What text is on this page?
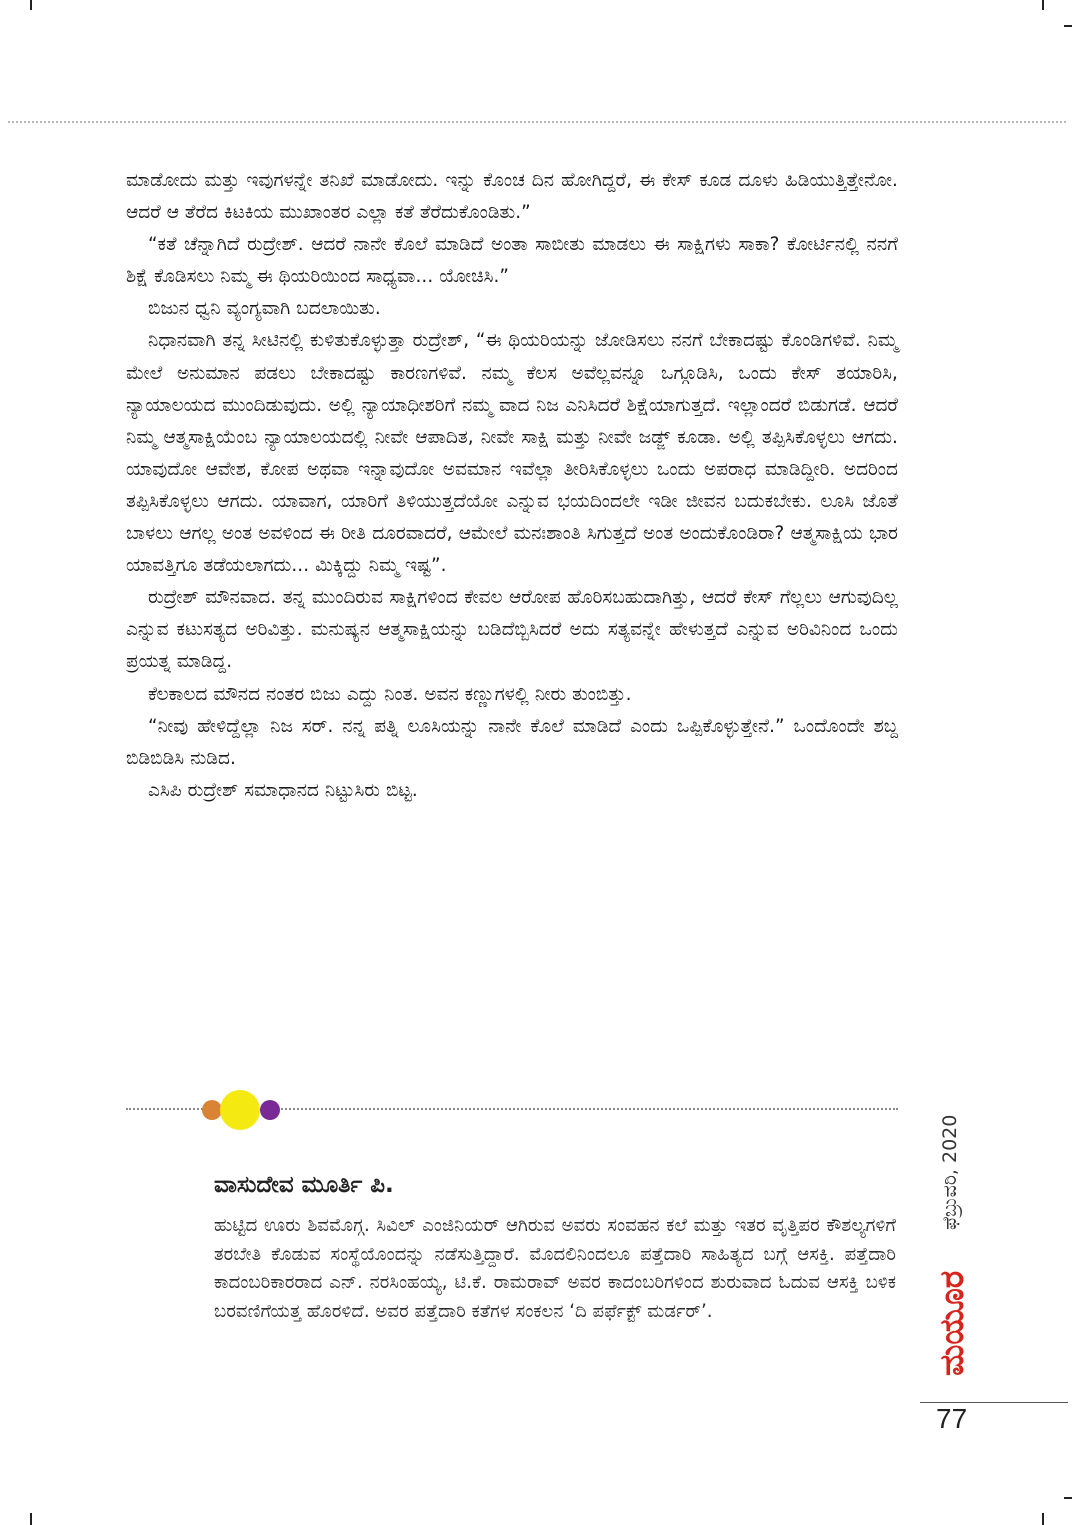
ಮಾಡೋದು ಮತ್ತು ಇವುಗಳನ್ನೇ ತನಿಖೆ ಮಾಡೋದು. ಇನ್ನು ಕೊಂಚ ದಿನ ಹೋಗಿದ್ದರೆ, ಈ ಕೇಸ್ ಕೂಡ ದೂಳು ಹಿಡಿಯುತ್ತಿತ್ತೇನೋ. ಆದರೆ ಆ ತೆರೆದ ಕಿಟಕಿಯ ಮುಖಾಂತರ ಎಲ್ಲಾ ಕತೆ ತೆರೆದುಕೊಂಡಿತು.”

“ಕತೆ ಚೆನ್ನಾಗಿದೆ ರುದ್ರೇಶ್. ಆದರೆ ನಾನೇ ಕೊಲೆ ಮಾಡಿದೆ ಅಂತಾ ಸಾಬೀತು ಮಾಡಲು ಈ ಸಾಕ್ಷಿಗಳು ಸಾಕಾ? ಕೋರ್ಟಿನಲ್ಲಿ ನನಗೆ ಶಿಕ್ಷೆ ಕೊಡಿಸಲು ನಿಮ್ಮ ಈ ಥಿಯರಿಯಿಂದ ಸಾಧ್ಯವಾ... ಯೋಚಿಸಿ.”

ಬಿಜುನ ಧ್ವನಿ ವ್ಯಂಗ್ಯವಾಗಿ ಬದಲಾಯಿತು.

ನಿಧಾನವಾಗಿ ತನ್ನ ಸೀಟಿನಲ್ಲಿ ಕುಳಿತುಕೊಳ್ಳುತ್ತಾ ರುದ್ರೇಶ್, “ಈ ಥಿಯರಿಯನ್ನು ಜೋಡಿಸಲು ನನಗೆ ಬೇಕಾದಷ್ಟು ಕೊಂಡಿಗಳಿವೆ. ನಿಮ್ಮ ಮೇಲೆ ಅನುಮಾನ ಪಡಲು ಬೇಕಾದಷ್ಟು ಕಾರಣಗಳಿವೆ. ನಮ್ಮ ಕೆಲಸ ಅವೆಲ್ಲವನ್ನೂ ಒಗ್ಗೂಡಿಸಿ, ಒಂದು ಕೇಸ್ ತಯಾರಿಸಿ, ನ್ಯಾಯಾಲಯದ ಮುಂದಿಡುವುದು. ಅಲ್ಲಿ ನ್ಯಾಯಾಧೀಶರಿಗೆ ನಮ್ಮ ವಾದ ನಿಜ ಎನಿಸಿದರೆ ಶಿಕ್ಷೆಯಾಗುತ್ತದೆ. ಇಲ್ಲಾಂದರೆ ಬಿಡುಗಡೆ. ಆದರೆ ನಿಮ್ಮ ಆತ್ಮಸಾಕ್ಷಿಯೆಂಬ ನ್ಯಾಯಾಲಯದಲ್ಲಿ ನೀವೇ ಆಪಾದಿತ, ನೀವೇ ಸಾಕ್ಷಿ ಮತ್ತು ನೀವೇ ಜಡ್ಜ್ ಕೂಡಾ. ಅಲ್ಲಿ ತಪ್ಪಿಸಿಕೊಳ್ಳಲು ಆಗದು. ಯಾವುದೋ ಆವೇಶ, ಕೋಪ ಅಥವಾ ಇನ್ನಾವುದೋ ಅವಮಾನ ಇವೆಲ್ಲಾ ತೀರಿಸಿಕೊಳ್ಳಲು ಒಂದು ಅಪರಾಧ ಮಾಡಿದ್ದೀರಿ. ಅದರಿಂದ ತಪ್ಪಿಸಿಕೊಳ್ಳಲು ಆಗದು. ಯಾವಾಗ, ಯಾರಿಗೆ ತಿಳಿಯುತ್ತದೆಯೋ ಎನ್ನುವ ಭಯದಿಂದಲೇ ಇಡೀ ಜೀವನ ಬದುಕಬೇಕು. ಲೂಸಿ ಜೊತೆ ಬಾಳಲು ಆಗಲ್ಲ ಅಂತ ಅವಳಿಂದ ಈ ರೀತಿ ದೂರವಾದರೆ, ಆಮೇಲೆ ಮನಃಶಾಂತಿ ಸಿಗುತ್ತದೆ ಅಂತ ಅಂದುಕೊಂಡಿರಾ? ಆತ್ಮಸಾಕ್ಷಿಯ ಭಾರ ಯಾವತ್ತಿಗೂ ತಡೆಯಲಾಗದು... ಮಿಕ್ಕಿದ್ದು ನಿಮ್ಮ ಇಷ್ಟ”.

ರುದ್ರೇಶ್ ಮೌನವಾದ. ತನ್ನ ಮುಂದಿರುವ ಸಾಕ್ಷಿಗಳಿಂದ ಕೇವಲ ಆರೋಪ ಹೊರಿಸಬಹುದಾಗಿತ್ತು, ಆದರೆ ಕೇಸ್ ಗೆಲ್ಲಲು ಆಗುವುದಿಲ್ಲ ಎನ್ನುವ ಕಟುಸತ್ಯದ ಅರಿವಿತ್ತು. ಮನುಷ್ಯನ ಆತ್ಮಸಾಕ್ಷಿಯನ್ನು ಬಡಿದೆಬ್ಬಿಸಿದರೆ ಅದು ಸತ್ಯವನ್ನೇ ಹೇಳುತ್ತದೆ ಎನ್ನುವ ಅರಿವಿನಿಂದ ಒಂದು ಪ್ರಯತ್ನ ಮಾಡಿದ್ದ.

ಕೆಲಕಾಲದ ಮೌನದ ನಂತರ ಬಿಜು ಎದ್ದು ನಿಂತ. ಅವನ ಕಣ್ಣುಗಳಲ್ಲಿ ನೀರು ತುಂಬಿತ್ತು.

“ನೀವು ಹೇಳಿದ್ದೆಲ್ಲಾ ನಿಜ ಸರ್. ನನ್ನ ಪತ್ನಿ ಲೂಸಿಯನ್ನು ನಾನೇ ಕೊಲೆ ಮಾಡಿದೆ ಎಂದು ಒಪ್ಪಿಕೊಳ್ಳುತ್ತೇನೆ.” ಒಂದೊಂದೇ ಶಬ್ದ ಬಿಡಿಬಿಡಿಸಿ ನುಡಿದ.

ಎಸಿಪಿ ರುದ್ರೇಶ್ ಸಮಾಧಾನದ ನಿಟ್ಟುಸಿರು ಬಿಟ್ಟ.

ವಾಸುದೇವ ಮೂರ್ತಿ ಪಿ.

ಹುಟ್ಟಿದ ಊರು ಶಿವಮೊಗ್ಗ. ಸಿವಿಲ್ ಎಂಜಿನಿಯರ್ ಆಗಿರುವ ಅವರು ಸಂವಹನ ಕಲೆ ಮತ್ತು ಇತರ ವೃತ್ತಿಪರ ಕೌಶಲ್ಯಗಳಿಗೆ ತರಬೇತಿ ಕೊಡುವ ಸಂಸ್ಥೆಯೊಂದನ್ನು ನಡೆಸುತ್ತಿದ್ದಾರೆ. ಮೊದಲಿನಿಂದಲೂ ಪತ್ತೆದಾರಿ ಸಾಹಿತ್ಯದ ಬಗ್ಗೆ ಆಸಕ್ತಿ. ಪತ್ತೆದಾರಿ ಕಾದಂಬರಿಕಾರರಾದ ಎನ್. ನರಸಿಂಹಯ್ಯ, ಟಿ.ಕೆ. ರಾಮರಾವ್ ಅವರ ಕಾದಂಬರಿಗಳಿಂದ ಶುರುವಾದ ಓದುವ ಆಸಕ್ತಿ ಬಳಿಕ ಬರವಣಿಗೆಯತ್ತ ಹೊರಳಿದೆ. ಅವರ ಪತ್ತೆದಾರಿ ಕತೆಗಳ ಸಂಕಲನ ‘ದಿ ಪರ್ಫೆಕ್ಟ್ ಮರ್ಡರ್’.

ಫೆಬ್ರುವರಿ, 2020
ಮಯೂರ
77
